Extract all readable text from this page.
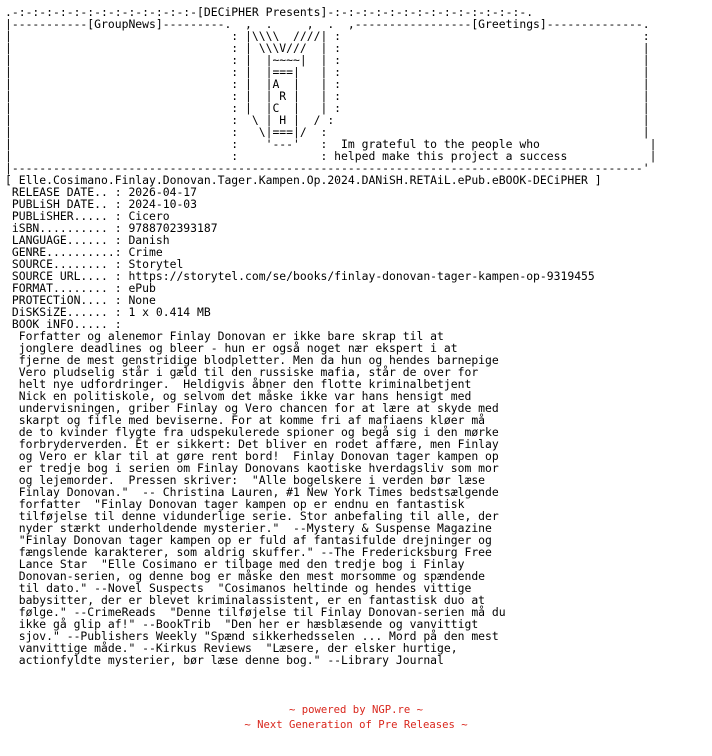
.-:-:-:-:-:-:-:-:-:-:-:-:-:-[DECiPHER Presents]-:-:-:-:-:-:-:-:-:-:-:-:-:-:-.
|-----------[GroupNews]---------.  ,  .     ,  .  ,-----------------[Greetings]--------------.
|                                : |\\\\  ////| :                                            :
|                                : | \\\V///  | :                                            |
|                                : |  |~~~~|  | :                                            |
|                                : |  |===|   | :                                            |
|                                : |  |A  |   | :                                            |
|                                : |  | R |   | :                                            |
|                                : |  |C  |   | :                                            |
|                                :  \ | H |  / :                                             |
|                                :   \|===|/  :                                              |
|                                :    '---'   :  Im grateful to the people who                |
|                                :            : helped make this project a success            |
|--------------------------------------------------------------------------------------------'
[ Elle.Cosimano.Finlay.Donovan.Tager.Kampen.Op.2024.DANiSH.RETAiL.ePub.eBOOK-DECiPHER ]
RELEASE DATE.. : 2026-04-17
PUBLiSH DATE.. : 2024-10-03
PUBLiSHER..... : Cicero
iSBN.......... : 9788702393187
LANGUAGE...... : Danish
GENRE..........: Crime
SOURCE........ : Storytel
SOURCE URL.... : https://storytel.com/se/books/finlay-donovan-tager-kampen-op-9319455
FORMAT........ : ePub
PROTECTiON.... : None
DiSKSiZE...... : 1 x 0.414 MB
BOOK iNFO..... :
Forfatter og alenemor Finlay Donovan er ikke bare skrap til at
jonglere deadlines og bleer - hun er også noget nær ekspert i at
fjerne de mest genstridige blodpletter. Men da hun og hendes barnepige
Vero pludselig står i gæld til den russiske mafia, står de over for
helt nye udfordringer.  Heldigvis åbner den flotte kriminalbetjent
Nick en politiskole, og selvom det måske ikke var hans hensigt med
undervisningen, griber Finlay og Vero chancen for at lære at skyde med
skarpt og fifle med beviserne. For at komme fri af mafiaens kløer må
de to kvinder flygte fra udspekulerede spioner og begå sig i den mørke
forbryderverden. Ét er sikkert: Det bliver en rodet affære, men Finlay
og Vero er klar til at gøre rent bord!  Finlay Donovan tager kampen op
er tredje bog i serien om Finlay Donovans kaotiske hverdagsliv som mor
og lejemorder.  Pressen skriver:  "Alle bogelskere i verden bør læse
Finlay Donovan."  -- Christina Lauren, #1 New York Times bedstsælgende
forfatter  "Finlay Donovan tager kampen op er endnu en fantastisk
tilføjelse til denne vidunderlige serie. Stor anbefaling til alle, der
nyder stærkt underholdende mysterier."  --Mystery & Suspense Magazine
"Finlay Donovan tager kampen op er fuld af fantasifulde drejninger og
fængslende karakterer, som aldrig skuffer." --The Fredericksburg Free
Lance Star  "Elle Cosimano er tilbage med den tredje bog i Finlay
Donovan-serien, og denne bog er måske den mest morsomme og spændende
til dato." --Novel Suspects  "Cosimanos heltinde og hendes vittige
babysitter, der er blevet kriminalassistent, er en fantastisk duo at
følge." --CrimeReads  "Denne tilføjelse til Finlay Donovan-serien må du
ikke gå glip af!" --BookTrib  "Den her er hæsblæsende og vanvittigt
sjov." --Publishers Weekly "Spænd sikkerhedsselen ... Mord på den mest
vanvittige måde." --Kirkus Reviews  "Læsere, der elsker hurtige,
actionfyldte mysterier, bør læse denne bog." --Library Journal
~ powered by NGP.re ~
~ Next Generation of Pre Releases ~
